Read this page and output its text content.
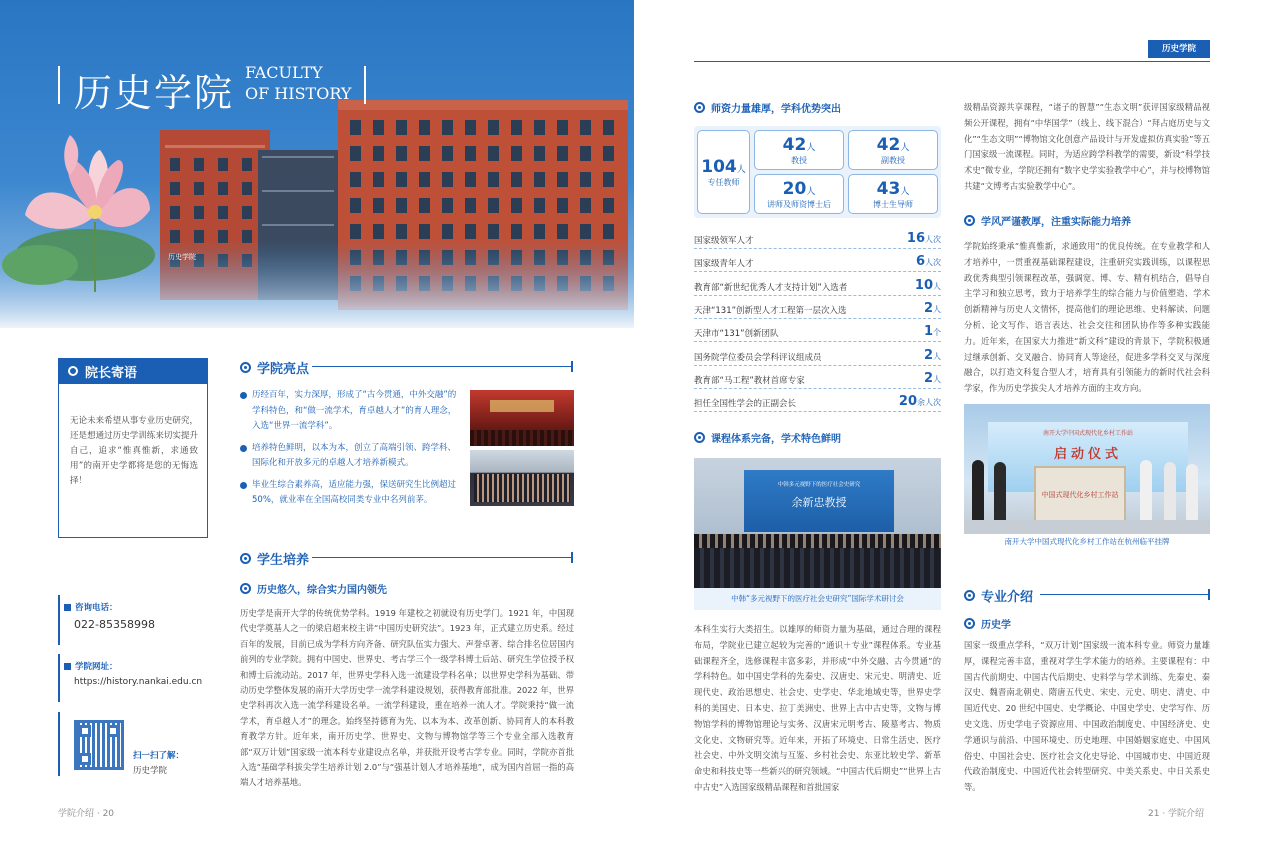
历史学院 FACULTY
OF HISTORY
历史学院
院长寄语
无论未来希望从事专业历史研究，还是想通过历史学训练来切实提升自己，追求“惟真惟新，求通致用”的南开史学都将是您的无悔选择！
咨询电话：
022-85358998
学院网址：
https://history.nankai.edu.cn
扫一扫了解：
历史学院
学院亮点
历经百年，实力深厚，形成了“古今贯通，中外交融”的学科特色，和“做一流学术，育卓越人才”的育人理念，入选“世界一流学科”。
培养特色鲜明，以本为本，创立了高端引领、跨学科、国际化和开放多元的卓越人才培养新模式。
毕业生综合素养高，适应能力强，保送研究生比例超过50%，就业率在全国高校同类专业中名列前茅。
学生培养
历史悠久，综合实力国内领先
历史学是南开大学的传统优势学科。1919 年建校之初就设有历史学门。1921 年，中国现代史学奠基人之一的梁启超来校主讲“中国历史研究法”。1923 年，正式建立历史系。经过百年的发展，目前已成为学科方向齐备、研究队伍实力强大、声誉卓著、综合排名位居国内前列的专业学院。拥有中国史、世界史、考古学三个一级学科博士后站、研究生学位授予权和博士后流动站。2017 年，世界史学科入选一流建设学科名单；以世界史学科为基础、带动历史学整体发展的南开大学历史学一流学科建设规划，获得教育部批准。2022 年，世界史学科再次入选一流学科建设名单。一流学科建设，重在培养一流人才。学院秉持“做一流学术，育卓越人才”的理念。始终坚持德育为先、以本为本、改革创新、协同育人的本科教育教学方针。近年来，南开历史学、世界史、文物与博物馆学等三个专业全部入选教育部“双万计划”国家级一流本科专业建设点名单，并获批开设考古学专业。同时，学院亦首批入选“基础学科拔尖学生培养计划 2.0”与“强基计划人才培养基地”，成为国内首屈一指的高端人才培养基地。
学院介绍 · 20
历史学院
师资力量雄厚，学科优势突出
104人
专任教师
42人
教授
42人
副教授
20人
讲师及师资博士后
43人
博士生导师
国家级领军人才	16人次
国家级青年人才	6人次
教育部“新世纪优秀人才支持计划”入选者	10人
天津“131”创新型人才工程第一层次入选	2人
天津市“131”创新团队	1个
国务院学位委员会学科评议组成员	2人
教育部“马工程”教材首席专家	2人
担任全国性学会的正副会长	20余人次
课程体系完备，学术特色鲜明
中韩多元视野下的医疗社会史研究
余新忠教授
中韩“多元视野下的医疗社会史研究”国际学术研讨会
本科生实行大类招生。以雄厚的师资力量为基础，通过合理的课程布局，学院业已建立起较为完善的“通识＋专业”课程体系。专业基础课程齐全，选修课程丰富多彩，并形成“中外交融、古今贯通”的学科特色。如中国史学科的先秦史、汉唐史、宋元史、明清史、近现代史、政治思想史、社会史、史学史、华北地域史等，世界史学科的美国史、日本史、拉丁美洲史、世界上古中古史等，文物与博物馆学科的博物馆理论与实务、汉唐宋元明考古、陵墓考古、物质文化史、文物研究等。近年来，开拓了环境史、日常生活史、医疗社会史、中外文明交流与互鉴、乡村社会史、东亚比较史学、新革命史和科技史等一些新兴的研究领域。“中国古代后期史”“世界上古中古史”入选国家级精品课程和首批国家
级精品资源共享课程，“诸子的智慧”“生态文明”获评国家级精品视频公开课程，拥有“中华国学”（线上、线下混合）“拜占庭历史与文化”“生态文明”“博物馆文化创意产品设计与开发虚拟仿真实验”等五门国家级一流课程。同时，为适应跨学科教学的需要，新设“科学技术史”微专业，学院还拥有“数字史学实验教学中心”，并与校博物馆共建“文博考古实验教学中心”。
学风严谨教厚，注重实际能力培养
学院始终秉承“惟真惟新，求通致用”的优良传统。在专业教学和人才培养中，一贯重视基础课程建设，注重研究实践训练，以课程思政优秀典型引领课程改革，强调宽、博、专、精有机结合，倡导自主学习和独立思考，致力于培养学生的综合能力与价值塑造、学术创新精神与历史人文情怀，提高他们的理论思维、史料解读、问题分析、论文写作、语言表达、社会交往和团队协作等多种实践能力。近年来，在国家大力推进“新文科”建设的背景下，学院积极通过继承创新、交叉融合、协同育人等途径，促进多学科交叉与深度融合，以打造文科复合型人才，培育具有引领能力的新时代社会科学家，作为历史学拔尖人才培养方面的主攻方向。
南开大学中国式现代化乡村工作站
启动仪式
中国式现代化乡村工作站
南开大学中国式现代化乡村工作站在杭州临平挂牌
专业介绍
历史学
国家一级重点学科，“双万计划”国家级一流本科专业。师资力量雄厚，课程完善丰富，重视对学生学术能力的培养。主要课程有：中国古代前期史、中国古代后期史、史料学与学术训练、先秦史、秦汉史、魏晋南北朝史、隋唐五代史、宋史、元史、明史、清史、中国近代史、20 世纪中国史、史学概论、中国史学史、史学写作、历史文选、历史学电子资源应用、中国政治制度史、中国经济史、史学通识与前沿、中国环境史、历史地理、中国婚姻家庭史、中国风俗史、中国社会史、医疗社会文化史导论、中国城市史、中国近现代政治制度史、中国近代社会转型研究、中美关系史、中日关系史等。
21 · 学院介绍
